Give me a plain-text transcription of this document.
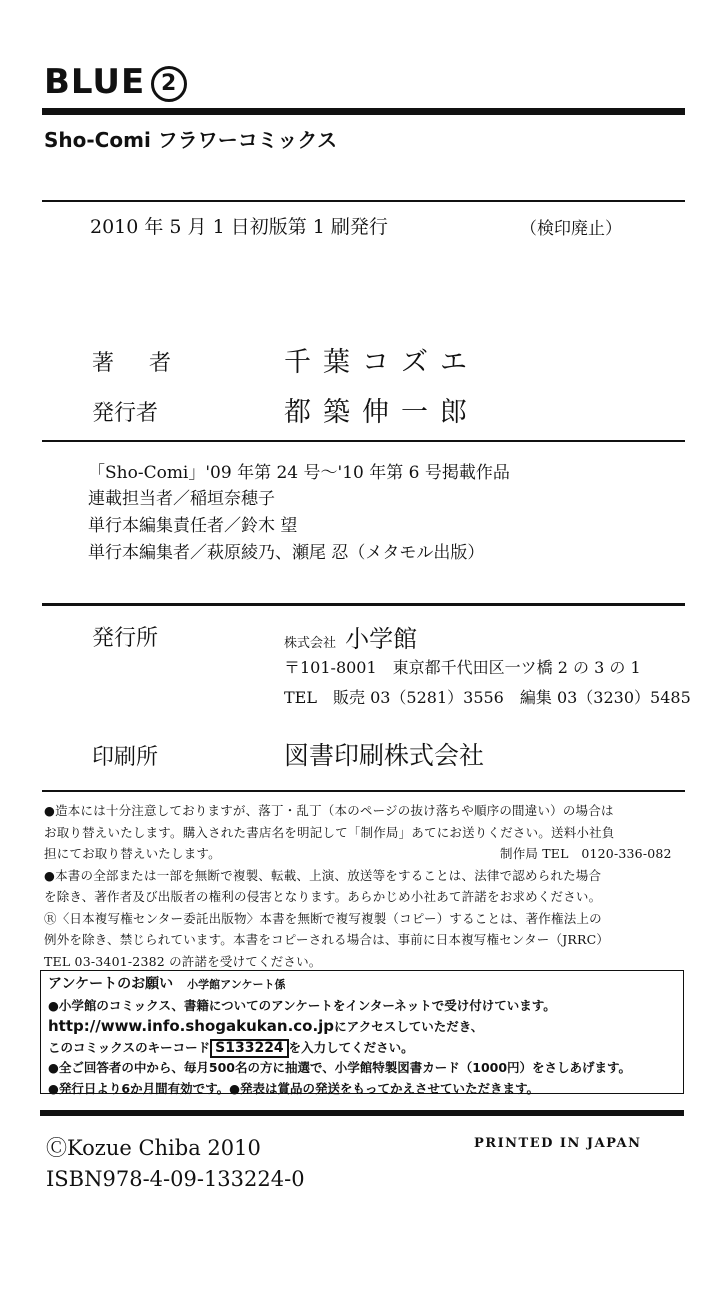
BLUE 2
Sho-Comi フラワーコミックス
2010 年 5 月 1 日初版第 1 刷発行	（検印廃止）
著 者	千葉コズエ
発行者	都築伸一郎
「Sho-Comi」'09 年第 24 号〜'10 年第 6 号掲載作品
連載担当者／稲垣奈穂子
単行本編集責任者／鈴木 望
単行本編集者／萩原綾乃、瀬尾 忍（メタモル出版）
発行所	株式会社 小学館
〒101-8001　東京都千代田区一ツ橋 2 の 3 の 1
TEL　販売 03（5281）3556　編集 03（3230）5485
印刷所	図書印刷株式会社
●造本には十分注意しておりますが、落丁・乱丁（本のページの抜け落ちや順序の間違い）の場合は
お取り替えいたします。購入された書店名を明記して「制作局」あてにお送りください。送料小社負
担にてお取り替えいたします。	制作局 TEL　0120-336-082
●本書の全部または一部を無断で複製、転載、上演、放送等をすることは、法律で認められた場合
を除き、著作者及び出版者の権利の侵害となります。あらかじめ小社あて許諾をお求めください。
Ⓡ〈日本複写権センター委託出版物〉本書を無断で複写複製（コピー）することは、著作権法上の
例外を除き、禁じられています。本書をコピーされる場合は、事前に日本複写権センター（JRRC）
TEL 03-3401-2382 の許諾を受けてください。
アンケートのお願い 小学館アンケート係
●小学館のコミックス、書籍についてのアンケートをインターネットで受け付けています。
http://www.info.shogakukan.co.jpにアクセスしていただき、
このコミックスのキーコード S133224 を入力してください。
●全ご回答者の中から、毎月500名の方に抽選で、小学館特製図書カード（1000円）をさしあげます。
●発行日より6か月間有効です。●発表は賞品の発送をもってかえさせていただきます。
ⒸKozue Chiba 2010	PRINTED IN JAPAN
ISBN978-4-09-133224-0
